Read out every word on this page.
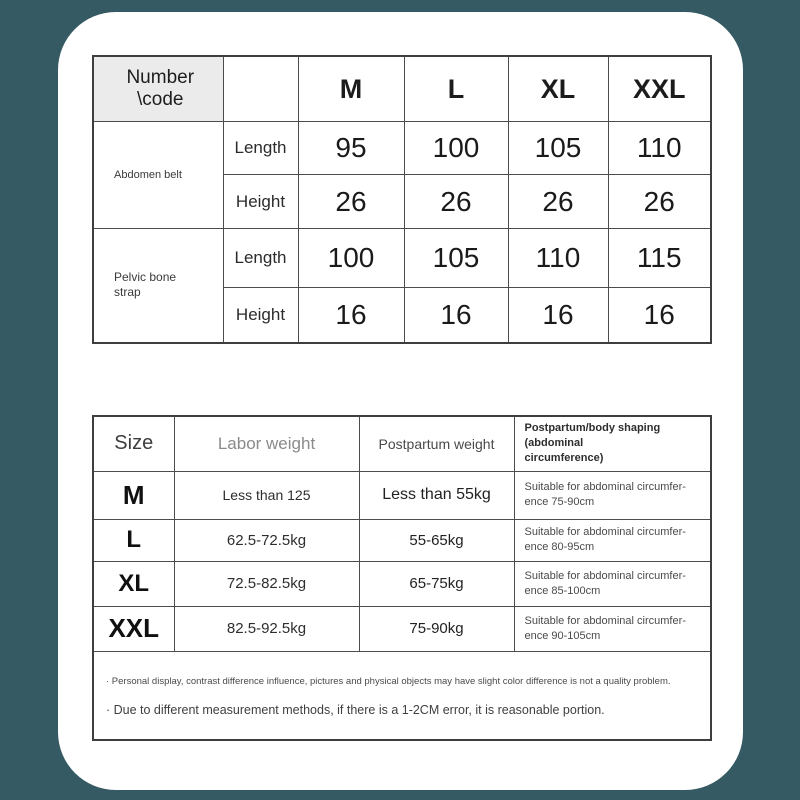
Number \code		M	L	XL	XXL
Abdomen belt	Length	95	100	105	110
	Height	26	26	26	26
Pelvic bone strap	Length	100	105	110	115
	Height	16	16	16	16
Size	Labor weight	Postpartum weight	Postpartum/body shaping (abdominal
circumference)
M	Less than 125	Less than 55kg	Suitable for abdominal circumfer-
ence 75-90cm
L	62.5-72.5kg	55-65kg	Suitable for abdominal circumfer-
ence 80-95cm
XL	72.5-82.5kg	65-75kg	Suitable for abdominal circumfer-
ence 85-100cm
XXL	82.5-92.5kg	75-90kg	Suitable for abdominal circumfer-
ence 90-105cm

· Personal display, contrast difference influence, pictures and physical objects may have slight color difference is not a quality problem.

· Due to different measurement methods, if there is a 1-2CM error, it is reasonable portion.			
